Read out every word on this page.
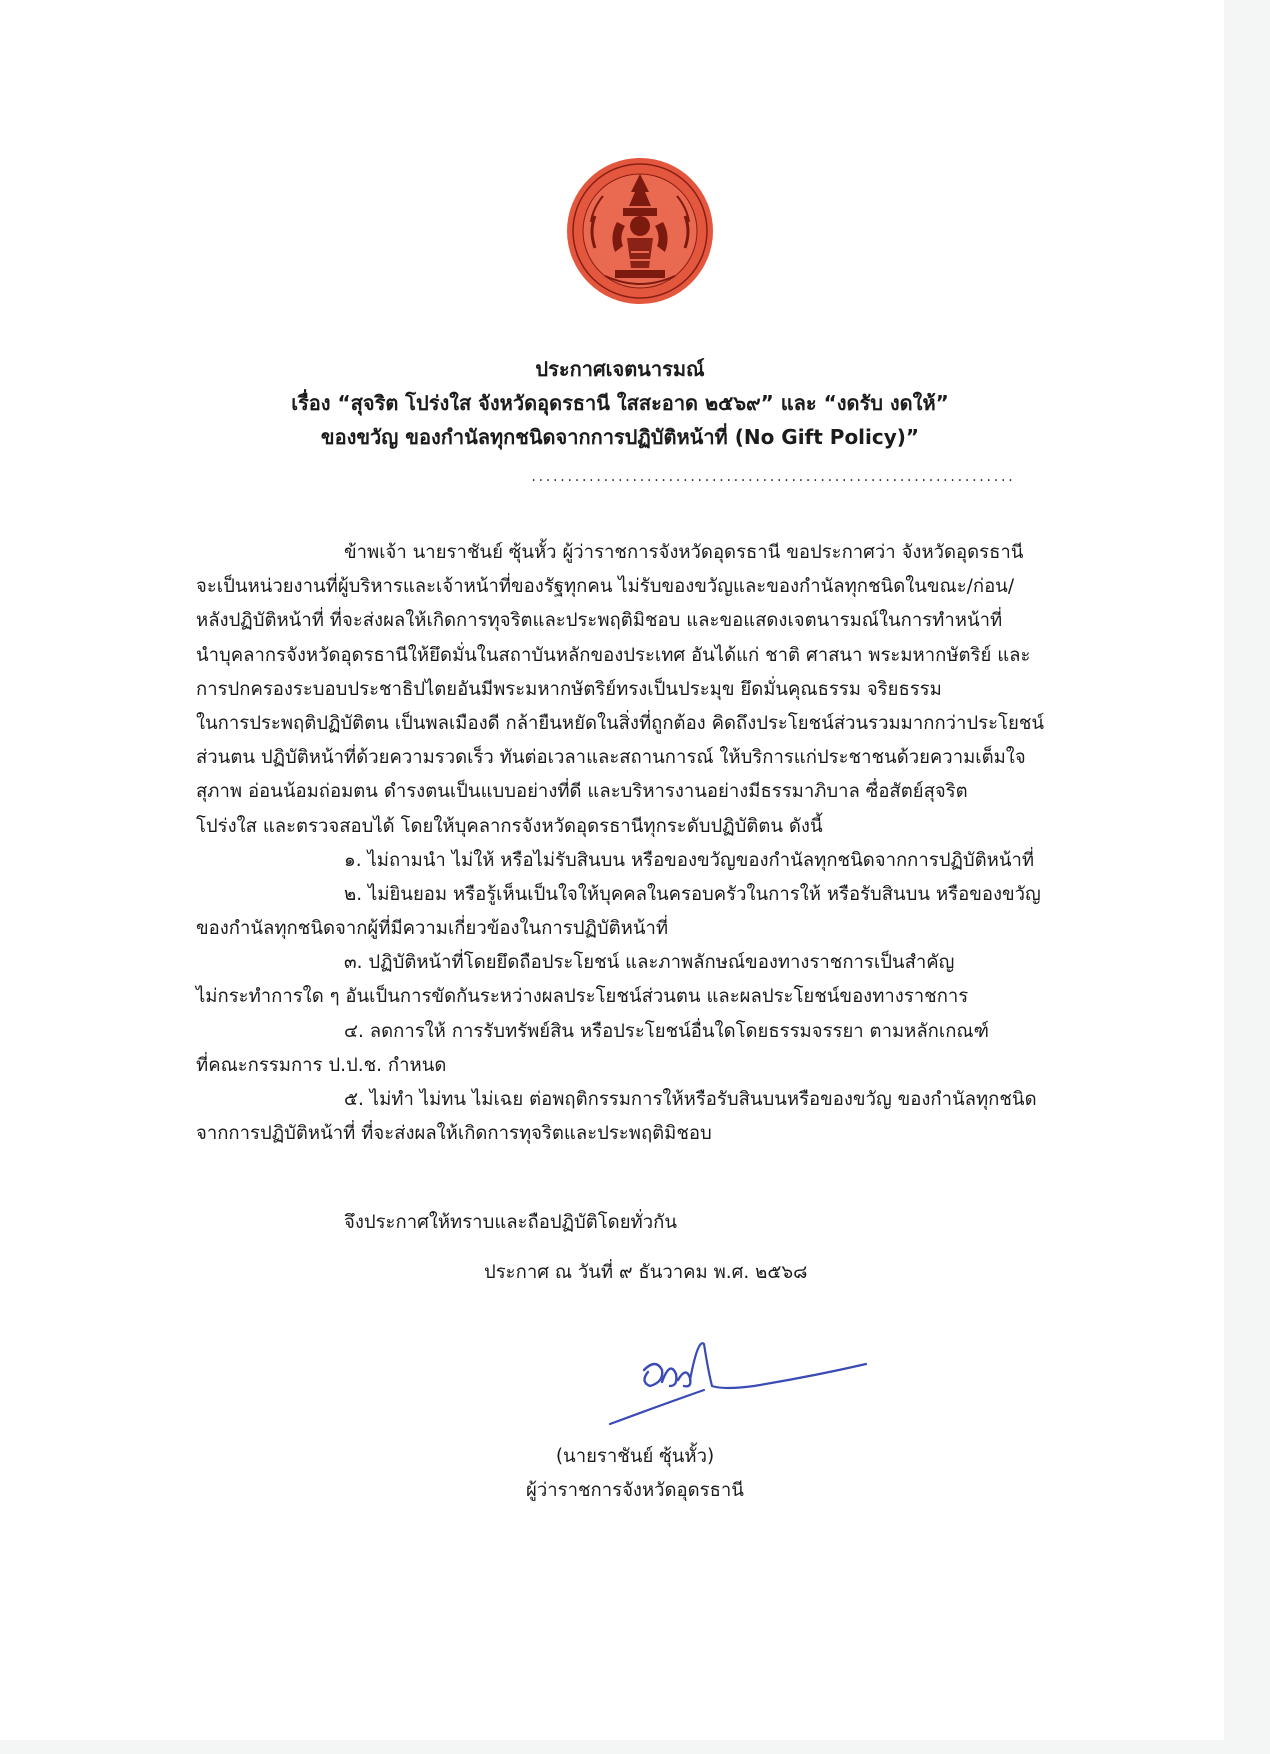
ประกาศเจตนารมณ์
เรื่อง “สุจริต โปร่งใส จังหวัดอุดรธานี ใสสะอาด ๒๕๖๙” และ “งดรับ งดให้”
ของขวัญ ของกำนัลทุกชนิดจากการปฏิบัติหน้าที่ (No Gift Policy)”
...................................................................
ข้าพเจ้า นายราชันย์ ซุ้นหั้ว ผู้ว่าราชการจังหวัดอุดรธานี ขอประกาศว่า จังหวัดอุดรธานี
จะเป็นหน่วยงานที่ผู้บริหารและเจ้าหน้าที่ของรัฐทุกคน ไม่รับของขวัญและของกำนัลทุกชนิดในขณะ/ก่อน/
หลังปฏิบัติหน้าที่ ที่จะส่งผลให้เกิดการทุจริตและประพฤติมิชอบ และขอแสดงเจตนารมณ์ในการทำหน้าที่
นำบุคลากรจังหวัดอุดรธานีให้ยึดมั่นในสถาบันหลักของประเทศ อันได้แก่ ชาติ ศาสนา พระมหากษัตริย์ และ
การปกครองระบอบประชาธิปไตยอันมีพระมหากษัตริย์ทรงเป็นประมุข ยึดมั่นคุณธรรม จริยธรรม
ในการประพฤติปฏิบัติตน เป็นพลเมืองดี กล้ายืนหยัดในสิ่งที่ถูกต้อง คิดถึงประโยชน์ส่วนรวมมากกว่าประโยชน์
ส่วนตน ปฏิบัติหน้าที่ด้วยความรวดเร็ว ทันต่อเวลาและสถานการณ์ ให้บริการแก่ประชาชนด้วยความเต็มใจ
สุภาพ อ่อนน้อมถ่อมตน ดำรงตนเป็นแบบอย่างที่ดี และบริหารงานอย่างมีธรรมาภิบาล ซื่อสัตย์สุจริต
โปร่งใส และตรวจสอบได้ โดยให้บุคลากรจังหวัดอุดรธานีทุกระดับปฏิบัติตน ดังนี้
๑. ไม่ถามนำ ไม่ให้ หรือไม่รับสินบน หรือของขวัญของกำนัลทุกชนิดจากการปฏิบัติหน้าที่
๒. ไม่ยินยอม หรือรู้เห็นเป็นใจให้บุคคลในครอบครัวในการให้ หรือรับสินบน หรือของขวัญ
ของกำนัลทุกชนิดจากผู้ที่มีความเกี่ยวข้องในการปฏิบัติหน้าที่
๓. ปฏิบัติหน้าที่โดยยึดถือประโยชน์ และภาพลักษณ์ของทางราชการเป็นสำคัญ
ไม่กระทำการใด ๆ อันเป็นการขัดกันระหว่างผลประโยชน์ส่วนตน และผลประโยชน์ของทางราชการ
๔. ลดการให้ การรับทรัพย์สิน หรือประโยชน์อื่นใดโดยธรรมจรรยา ตามหลักเกณฑ์
ที่คณะกรรมการ ป.ป.ช. กำหนด
๕. ไม่ทำ ไม่ทน ไม่เฉย ต่อพฤติกรรมการให้หรือรับสินบนหรือของขวัญ ของกำนัลทุกชนิด
จากการปฏิบัติหน้าที่ ที่จะส่งผลให้เกิดการทุจริตและประพฤติมิชอบ
จึงประกาศให้ทราบและถือปฏิบัติโดยทั่วกัน
ประกาศ ณ วันที่ ๙ ธันวาคม พ.ศ. ๒๕๖๘
(นายราชันย์ ซุ้นหั้ว)
ผู้ว่าราชการจังหวัดอุดรธานี
